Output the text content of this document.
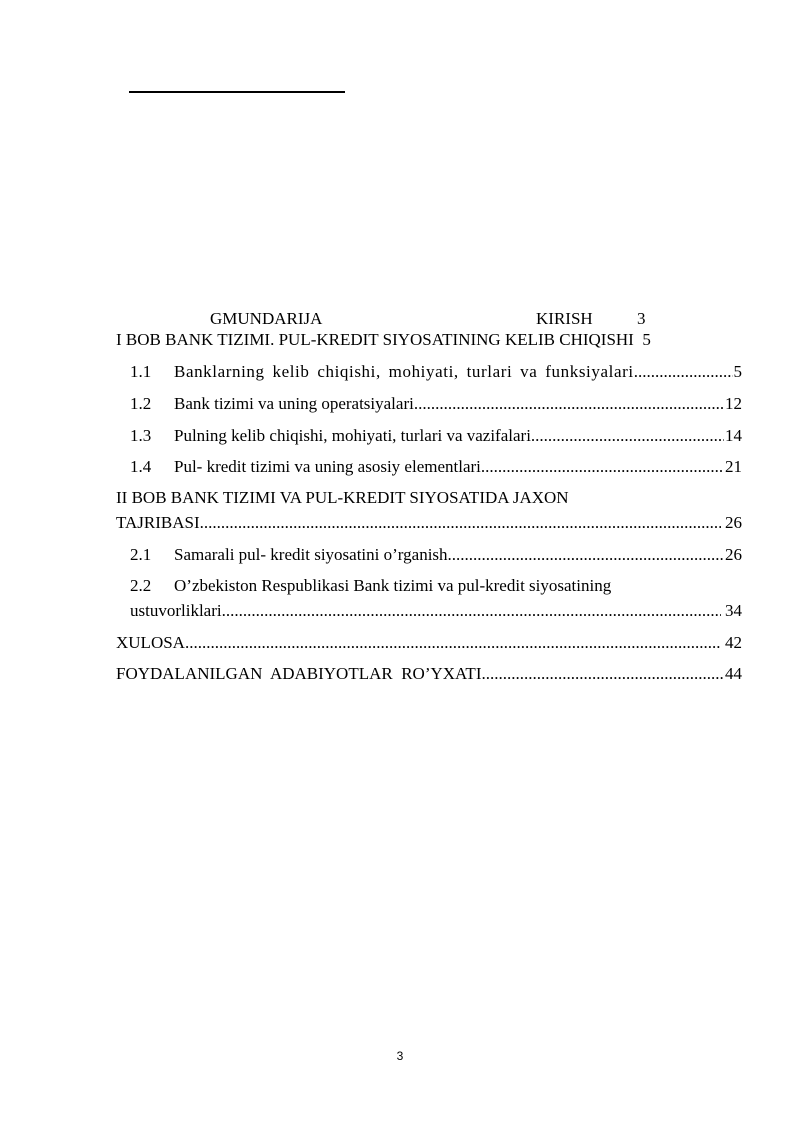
GMUNDARIJA	KIRISH	3
I BOB BANK TIZIMI. PUL-KREDIT SIYOSATINING KELIB CHIQISHI 5
1.1	Banklarning kelib chiqishi, mohiyati, turlari va funksiyalari .....	5
1.2	Bank tizimi va uning operatsiyalari .....	12
1.3	Pulning kelib chiqishi, mohiyati, turlari va vazifalari .....	14
1.4	Pul- kredit tizimi va uning asosiy elementlari .....	21
II BOB BANK TIZIMI VA PUL-KREDIT SIYOSATIDA JAXON
TAJRIBASI .....	26
2.1	Samarali pul- kredit siyosatini o’rganish .....	26
2.2 O’zbekiston Respublikasi Bank tizimi va pul-kredit siyosatining
ustuvorliklari .....	34
XULOSA .....	42
FOYDALANILGAN  ADABIYOTLAR  RO’YXATI .....	44
3
